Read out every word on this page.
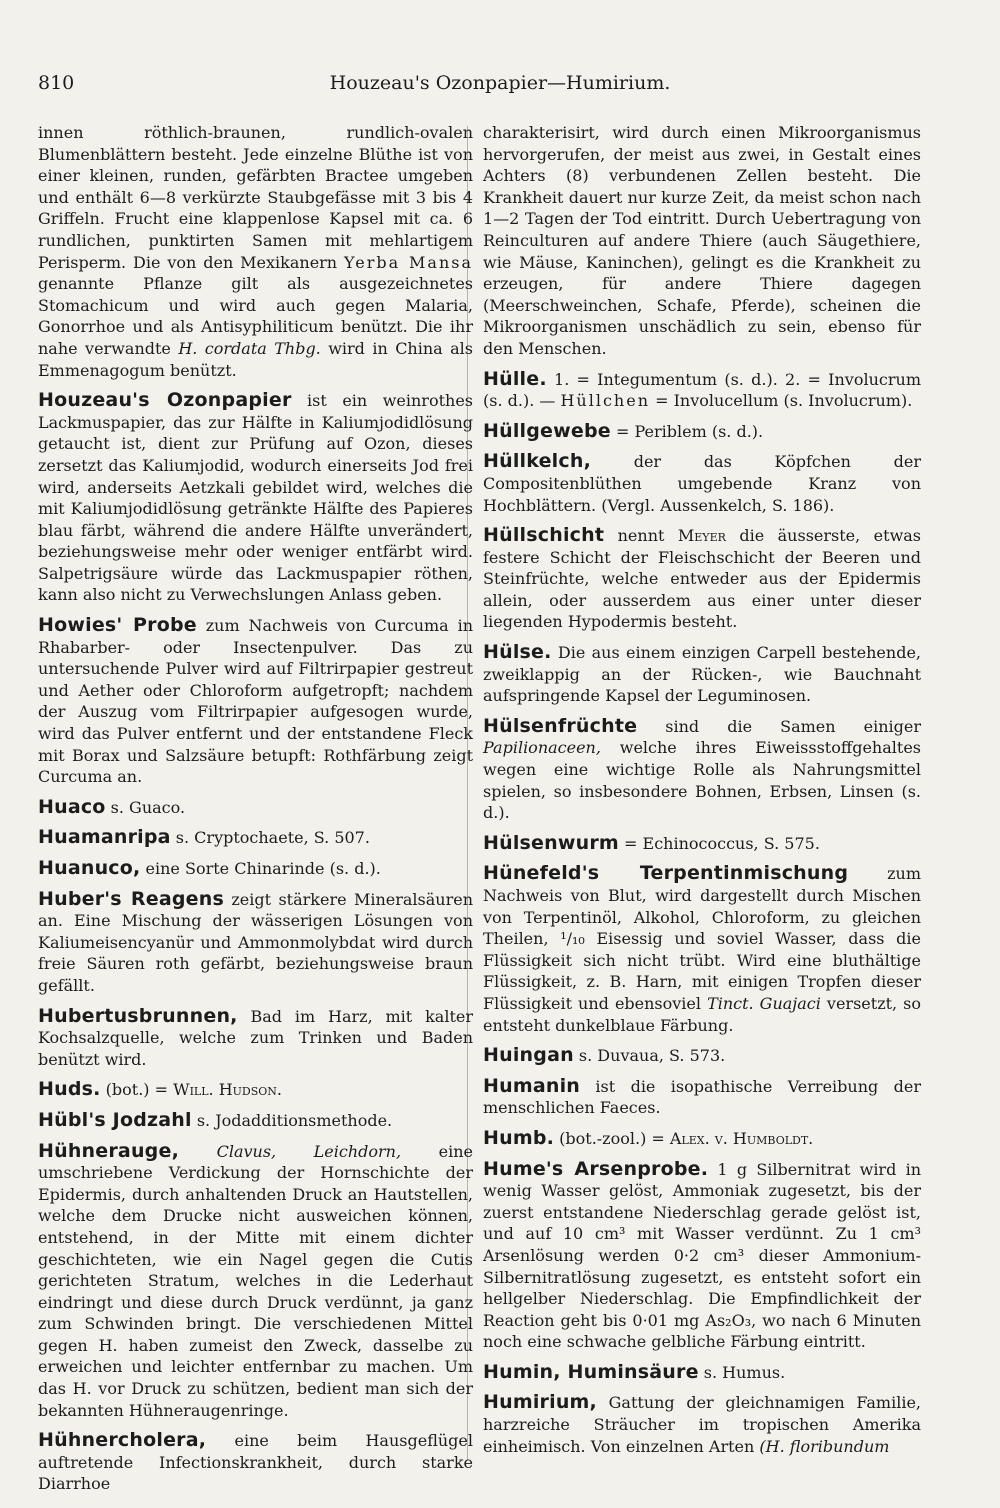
810	Houzeau's Ozonpapier—Humirium.

innen röthlich-braunen, rundlich-ovalen Blumenblättern besteht. Jede einzelne Blüthe ist von einer kleinen, runden, gefärbten Bractee umgeben und enthält 6—8 verkürzte Staubgefässe mit 3 bis 4 Griffeln. Frucht eine klappenlose Kapsel mit ca. 6 rundlichen, punktirten Samen mit mehlartigem Perisperm. Die von den Mexikanern Yerba Mansa genannte Pflanze gilt als ausgezeichnetes Stomachicum und wird auch gegen Malaria, Gonorrhoe und als Antisyphiliticum benützt. Die ihr nahe verwandte H. cordata Thbg. wird in China als Emmenagogum benützt.

Houzeau's Ozonpapier ist ein weinrothes Lackmuspapier, das zur Hälfte in Kaliumjodidlösung getaucht ist, dient zur Prüfung auf Ozon, dieses zersetzt das Kaliumjodid, wodurch einerseits Jod frei wird, anderseits Aetzkali gebildet wird, welches die mit Kaliumjodidlösung getränkte Hälfte des Papieres blau färbt, während die andere Hälfte unverändert, beziehungsweise mehr oder weniger entfärbt wird. Salpetrigsäure würde das Lackmuspapier röthen, kann also nicht zu Verwechslungen Anlass geben.

Howies' Probe zum Nachweis von Curcuma in Rhabarber- oder Insectenpulver. Das zu untersuchende Pulver wird auf Filtrirpapier gestreut und Aether oder Chloroform aufgetropft; nachdem der Auszug vom Filtrirpapier aufgesogen wurde, wird das Pulver entfernt und der entstandene Fleck mit Borax und Salzsäure betupft: Rothfärbung zeigt Curcuma an.

Huaco s. Guaco.

Huamanripa s. Cryptochaete, S. 507.

Huanuco, eine Sorte Chinarinde (s. d.).

Huber's Reagens zeigt stärkere Mineralsäuren an. Eine Mischung der wässerigen Lösungen von Kaliumeisencyanür und Ammonmolybdat wird durch freie Säuren roth gefärbt, beziehungsweise braun gefällt.

Hubertusbrunnen, Bad im Harz, mit kalter Kochsalzquelle, welche zum Trinken und Baden benützt wird.

Huds. (bot.) = Will. Hudson.

Hübl's Jodzahl s. Jodadditionsmethode.

Hühnerauge, Clavus, Leichdorn, eine umschriebene Verdickung der Hornschichte der Epidermis, durch anhaltenden Druck an Hautstellen, welche dem Drucke nicht ausweichen können, entstehend, in der Mitte mit einem dichter geschichteten, wie ein Nagel gegen die Cutis gerichteten Stratum, welches in die Lederhaut eindringt und diese durch Druck verdünnt, ja ganz zum Schwinden bringt. Die verschiedenen Mittel gegen H. haben zumeist den Zweck, dasselbe zu erweichen und leichter entfernbar zu machen. Um das H. vor Druck zu schützen, bedient man sich der bekannten Hühneraugenringe.

Hühnercholera, eine beim Hausgeflügel auftretende Infectionskrankheit, durch starke Diarrhoe

charakterisirt, wird durch einen Mikroorganismus hervorgerufen, der meist aus zwei, in Gestalt eines Achters (8) verbundenen Zellen besteht. Die Krankheit dauert nur kurze Zeit, da meist schon nach 1—2 Tagen der Tod eintritt. Durch Uebertragung von Reinculturen auf andere Thiere (auch Säugethiere, wie Mäuse, Kaninchen), gelingt es die Krankheit zu erzeugen, für andere Thiere dagegen (Meerschweinchen, Schafe, Pferde), scheinen die Mikroorganismen unschädlich zu sein, ebenso für den Menschen.

Hülle. 1. = Integumentum (s. d.). 2. = Involucrum (s. d.). — Hüllchen = Involucellum (s. Involucrum).

Hüllgewebe = Periblem (s. d.).

Hüllkelch,	der das Köpfchen der Compositenblüthen umgebende Kranz von Hochblättern. (Vergl. Aussenkelch, S. 186).

Hüllschicht nennt Meyer die äusserste, etwas festere Schicht der Fleischschicht der Beeren und Steinfrüchte, welche entweder aus der Epidermis allein, oder ausserdem aus einer unter dieser liegenden Hypodermis besteht.

Hülse. Die aus einem einzigen Carpell bestehende, zweiklappig an der Rücken-, wie Bauchnaht aufspringende Kapsel der Leguminosen.

Hülsenfrüchte sind die Samen einiger Papilionaceen, welche ihres Eiweissstoffgehaltes wegen eine wichtige Rolle als Nahrungsmittel spielen, so insbesondere Bohnen, Erbsen, Linsen (s. d.).

Hülsenwurm = Echinococcus, S. 575.

Hünefeld's Terpentinmischung zum Nachweis von Blut, wird dargestellt durch Mischen von Terpentinöl, Alkohol, Chloroform, zu gleichen Theilen, ¹/₁₀ Eisessig und soviel Wasser, dass die Flüssigkeit sich nicht trübt. Wird eine bluthältige Flüssigkeit, z. B. Harn, mit einigen Tropfen dieser Flüssigkeit und ebensoviel Tinct. Guajaci versetzt, so entsteht dunkelblaue Färbung.

Huingan s. Duvaua, S. 573.

Humanin ist die isopathische Verreibung der menschlichen Faeces.

Humb. (bot.-zool.) = Alex. v. Humboldt.

Hume's Arsenprobe. 1 g Silbernitrat wird in wenig Wasser gelöst, Ammoniak zugesetzt, bis der zuerst entstandene Niederschlag gerade gelöst ist, und auf 10 cm³ mit Wasser verdünnt. Zu 1 cm³ Arsenlösung werden 0·2 cm³ dieser Ammonium-Silbernitratlösung zugesetzt, es entsteht sofort ein hellgelber Niederschlag. Die Empfindlichkeit der Reaction geht bis 0·01 mg As₂O₃, wo nach 6 Minuten noch eine schwache gelbliche Färbung eintritt.

Humin, Huminsäure s. Humus.

Humirium, Gattung der gleichnamigen Familie, harzreiche Sträucher im tropischen Amerika einheimisch. Von einzelnen Arten (H. floribundum
